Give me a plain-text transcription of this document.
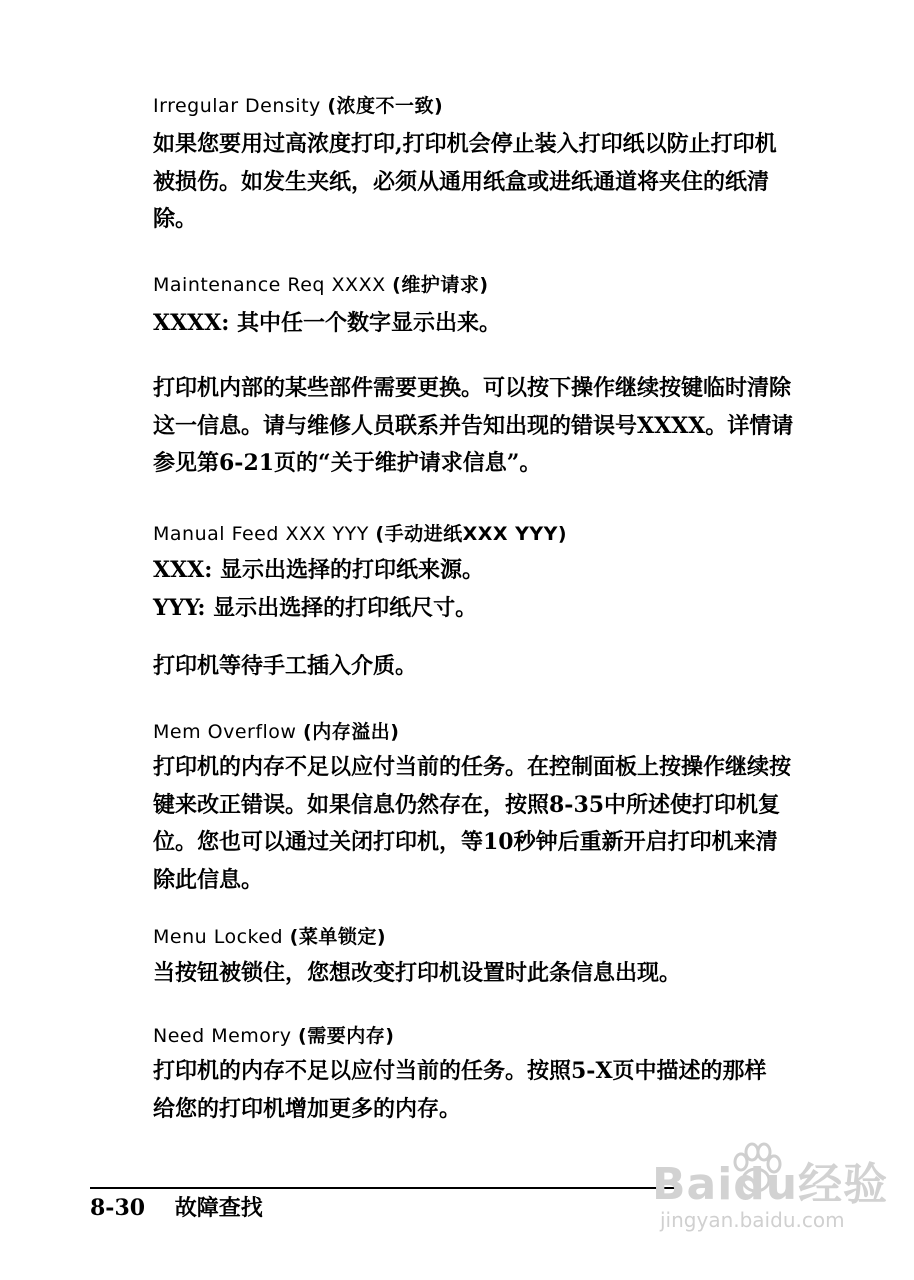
Irregular Density (浓度不一致)
如果您要用过高浓度打印,打印机会停止装入打印纸以防止打印机
被损伤。如发生夹纸，必须从通用纸盒或进纸通道将夹住的纸清
除。
Maintenance Req XXXX (维护请求)
XXXX: 其中任一个数字显示出来。
打印机内部的某些部件需要更换。可以按下操作继续按键临时清除
这一信息。请与维修人员联系并告知出现的错误号XXXX。详情请
参见第6-21页的“关于维护请求信息”。
Manual Feed XXX YYY (手动进纸XXX YYY)
XXX: 显示出选择的打印纸来源。
YYY: 显示出选择的打印纸尺寸。
打印机等待手工插入介质。
Mem Overflow (内存溢出)
打印机的内存不足以应付当前的任务。在控制面板上按操作继续按
键来改正错误。如果信息仍然存在，按照8-35中所述使打印机复
位。您也可以通过关闭打印机，等10秒钟后重新开启打印机来清
除此信息。
Menu Locked (菜单锁定)
当按钮被锁住，您想改变打印机设置时此条信息出现。
Need Memory (需要内存)
打印机的内存不足以应付当前的任务。按照5-X页中描述的那样
给您的打印机增加更多的内存。
8-30 故障查找	Baidu经验
jingyan.baidu.com
